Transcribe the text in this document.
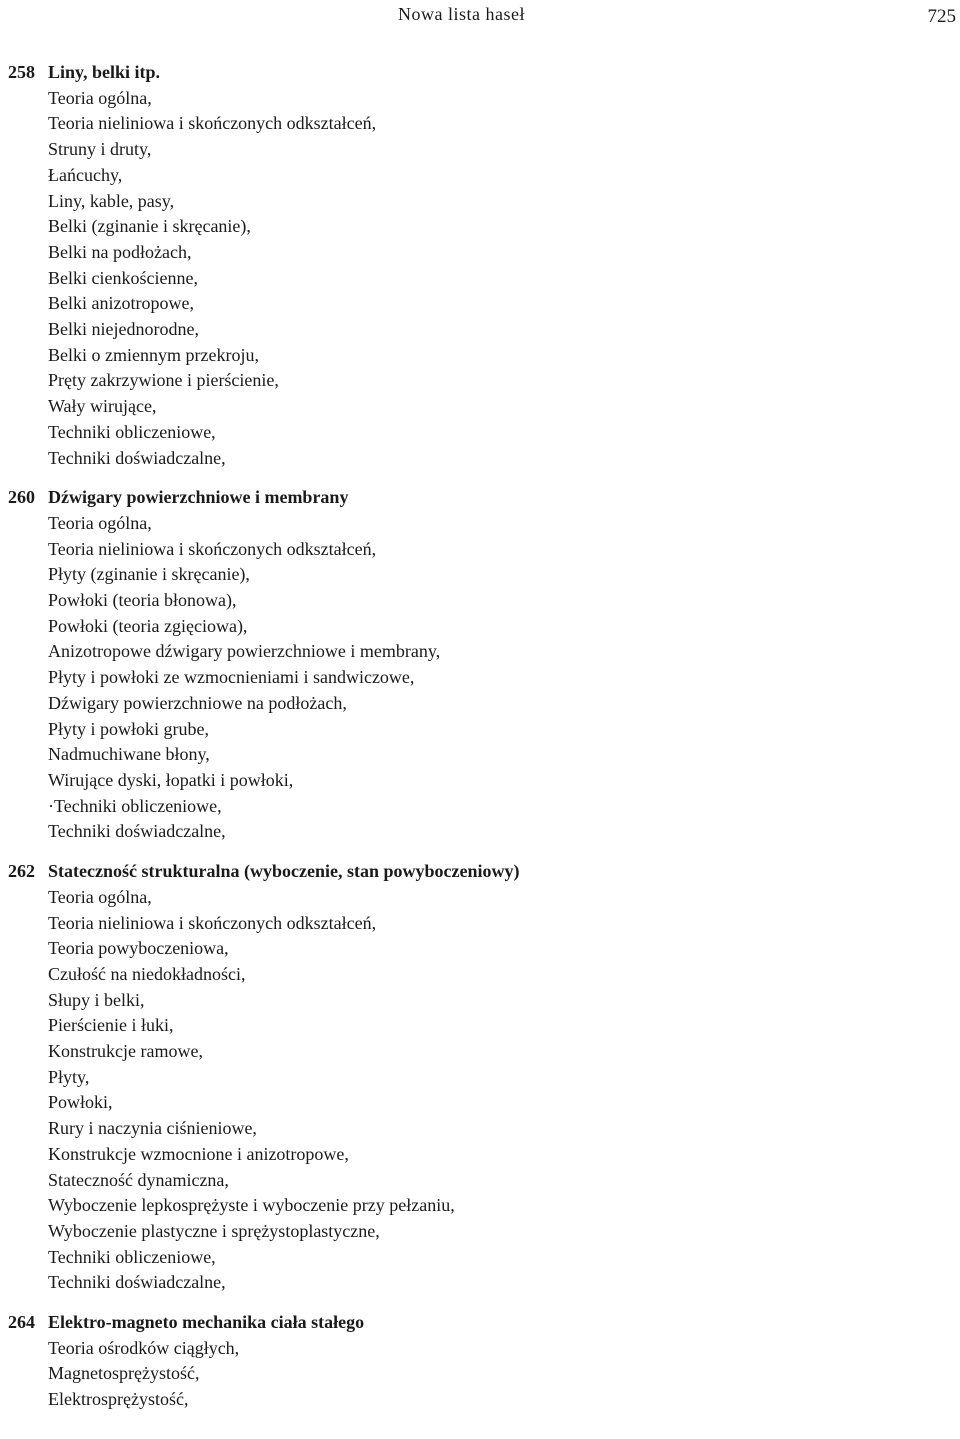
Nowa lista haseł	725
258 Liny, belki itp.
Teoria ogólna,
Teoria nieliniowa i skończonych odkształceń,
Struny i druty,
Łańcuchy,
Liny, kable, pasy,
Belki (zginanie i skręcanie),
Belki na podłożach,
Belki cienkościenne,
Belki anizotropowe,
Belki niejednorodne,
Belki o zmiennym przekroju,
Pręty zakrzywione i pierścienie,
Wały wirujące,
Techniki obliczeniowe,
Techniki doświadczalne,
260 Dźwigary powierzchniowe i membrany
Teoria ogólna,
Teoria nieliniowa i skończonych odkształceń,
Płyty (zginanie i skręcanie),
Powłoki (teoria błonowa),
Powłoki (teoria zgięciowa),
Anizotropowe dźwigary powierzchniowe i membrany,
Płyty i powłoki ze wzmocnieniami i sandwiczowe,
Dźwigary powierzchniowe na podłożach,
Płyty i powłoki grube,
Nadmuchiwane błony,
Wirujące dyski, łopatki i powłoki,
·Techniki obliczeniowe,
Techniki doświadczalne,
262 Stateczność strukturalna (wyboczenie, stan powyboczeniowy)
Teoria ogólna,
Teoria nieliniowa i skończonych odkształceń,
Teoria powyboczeniowa,
Czułość na niedokładności,
Słupy i belki,
Pierścienie i łuki,
Konstrukcje ramowe,
Płyty,
Powłoki,
Rury i naczynia ciśnieniowe,
Konstrukcje wzmocnione i anizotropowe,
Stateczność dynamiczna,
Wyboczenie lepkosprężyste i wyboczenie przy pełzaniu,
Wyboczenie plastyczne i sprężystoplastyczne,
Techniki obliczeniowe,
Techniki doświadczalne,
264 Elektro-magneto mechanika ciała stałego
Teoria ośrodków ciągłych,
Magnetosprężystość,
Elektrosprężystość,
